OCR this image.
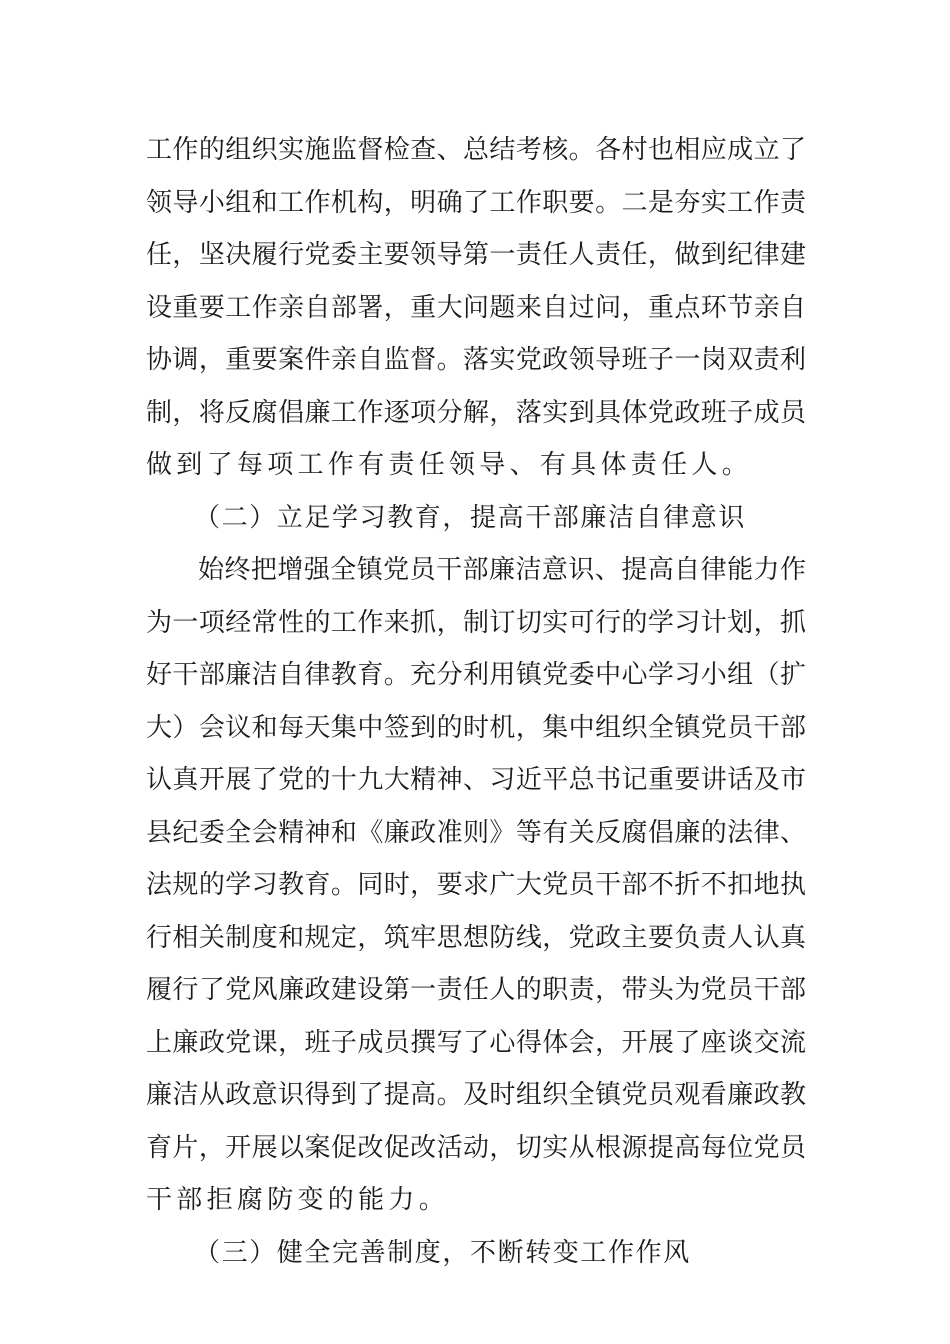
工作的组织实施监督检查、总结考核。各村也相应成立了
领导小组和工作机构，明确了工作职要。二是夯实工作责
任，坚决履行党委主要领导第一责任人责任，做到纪律建
设重要工作亲自部署，重大问题来自过问，重点环节亲自
协调，重要案件亲自监督。落实党政领导班子一岗双责利
制，将反腐倡廉工作逐项分解，落实到具体党政班子成员
做到了每项工作有责任领导、有具体责任人。
（二）立足学习教育，提高干部廉洁自律意识
始终把增强全镇党员干部廉洁意识、提高自律能力作
为一项经常性的工作来抓，制订切实可行的学习计划，抓
好干部廉洁自律教育。充分利用镇党委中心学习小组（扩
大）会议和每天集中签到的时机，集中组织全镇党员干部
认真开展了党的十九大精神、习近平总书记重要讲话及市
县纪委全会精神和《廉政准则》等有关反腐倡廉的法律、
法规的学习教育。同时，要求广大党员干部不折不扣地执
行相关制度和规定，筑牢思想防线，党政主要负责人认真
履行了党风廉政建设第一责任人的职责，带头为党员干部
上廉政党课，班子成员撰写了心得体会，开展了座谈交流
廉洁从政意识得到了提高。及时组织全镇党员观看廉政教
育片，开展以案促改促改活动，切实从根源提高每位党员
干部拒腐防变的能力。
（三）健全完善制度，不断转变工作作风
